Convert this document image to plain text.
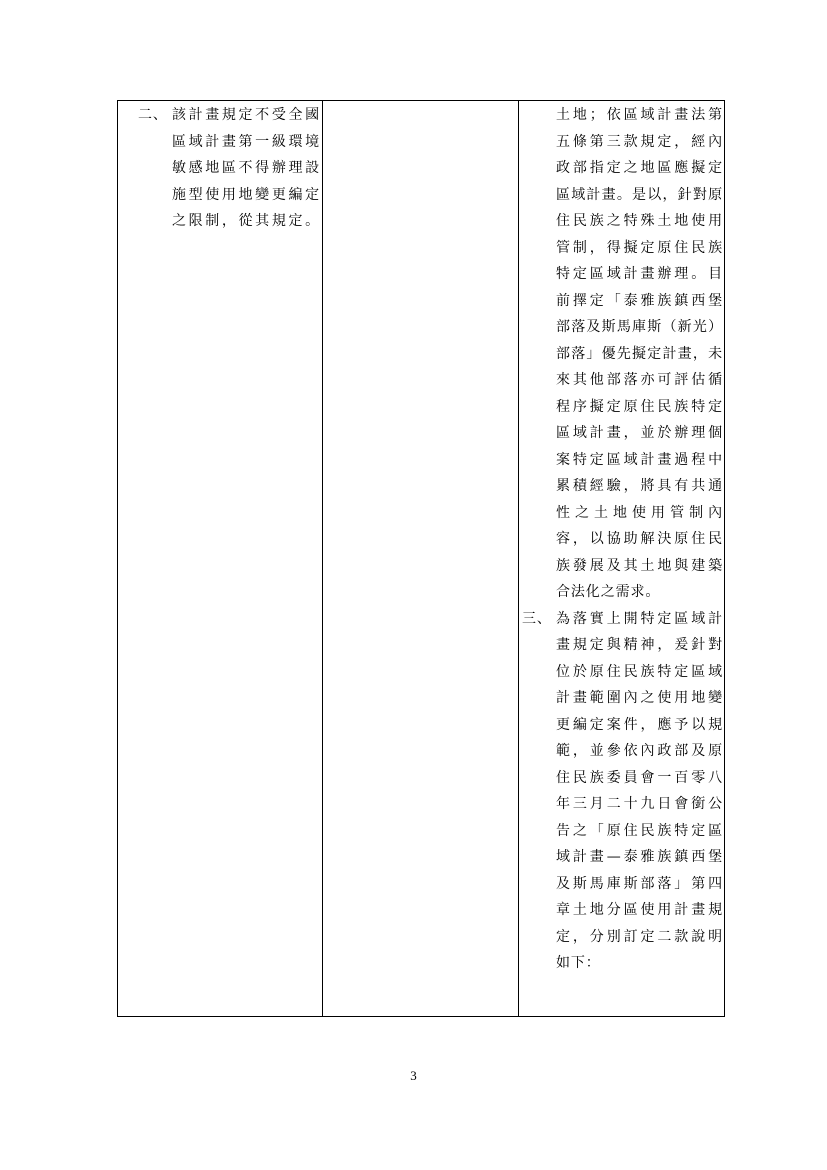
二、 該計畫規定不受全國
區域計畫第一級環境
敏感地區不得辦理設
施型使用地變更編定
之限制，從其規定。
土地；依區域計畫法第
五條第三款規定，經內
政部指定之地區應擬定
區域計畫。是以，針對原
住民族之特殊土地使用
管制，得擬定原住民族
特定區域計畫辦理。目
前擇定「泰雅族鎮西堡
部落及斯馬庫斯（新光）
部落」優先擬定計畫，未
來其他部落亦可評估循
程序擬定原住民族特定
區域計畫，並於辦理個
案特定區域計畫過程中
累積經驗，將具有共通
性之土地使用管制內
容，以協助解決原住民
族發展及其土地與建築
合法化之需求。
三、 為落實上開特定區域計
畫規定與精神，爰針對
位於原住民族特定區域
計畫範圍內之使用地變
更編定案件，應予以規
範，並參依內政部及原
住民族委員會一百零八
年三月二十九日會銜公
告之「原住民族特定區
域計畫—泰雅族鎮西堡
及斯馬庫斯部落」第四
章土地分區使用計畫規
定，分別訂定二款說明
如下：
3
